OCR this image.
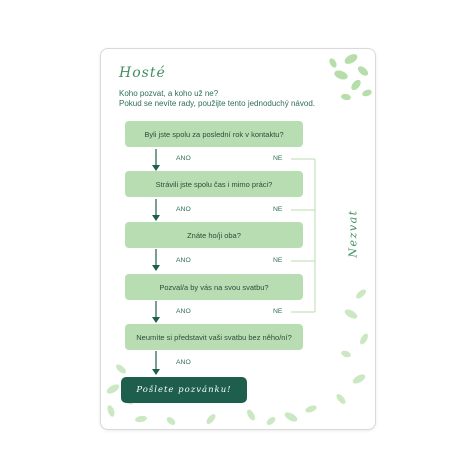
Hosté
Koho pozvat, a koho už ne?
Pokud se nevíte rady, použijte tento jednoduchý návod.
Byli jste spolu za poslední rok v kontaktu?
ANO	NE
Strávili jste spolu čas i mimo práci?
ANO	NE
Znáte ho/ji oba?
ANO	NE
Pozval/a by vás na svou svatbu?
ANO	NE
Neumíte si představit vaši svatbu bez něho/ní?
ANO
Pošlete pozvánku!
Nezvat
